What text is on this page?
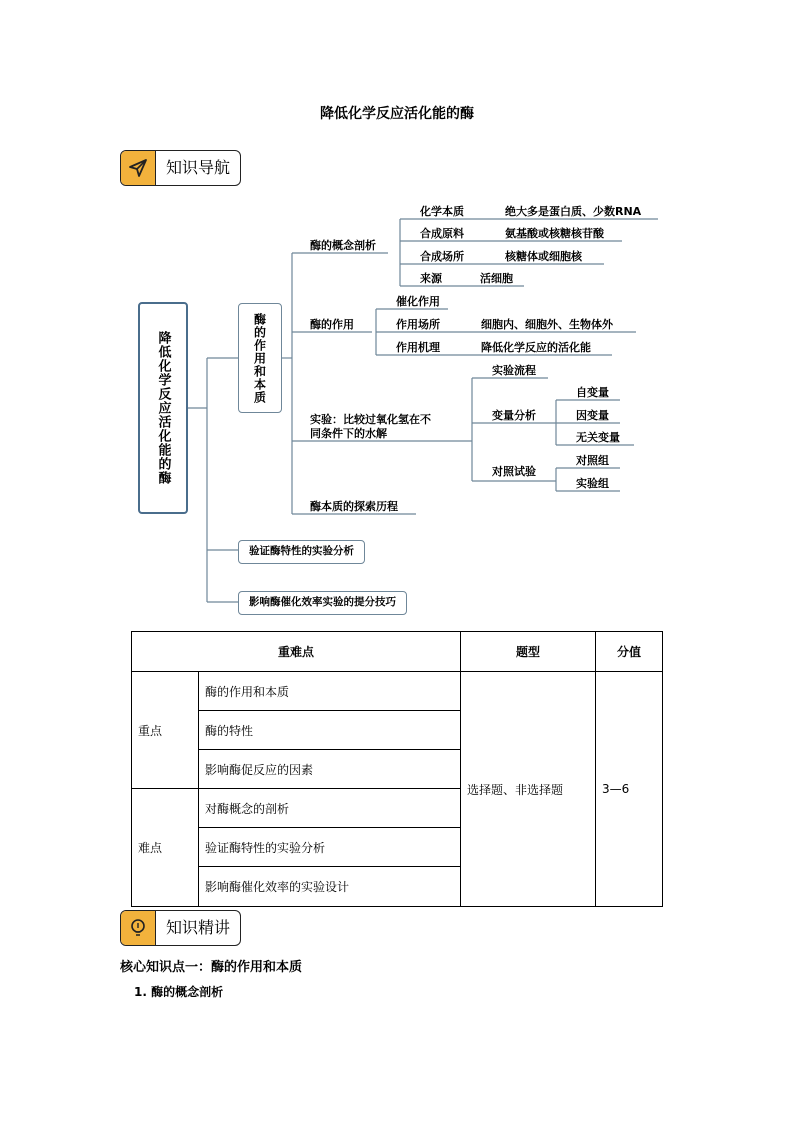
降低化学反应活化能的酶
知识导航
降低化学反应活化能的酶	酶的作用和本质
酶的概念剖析
化学本质	绝大多是蛋白质、少数RNA
合成原料	氨基酸或核糖核苷酸
合成场所	核糖体或细胞核
来源	活细胞
酶的作用
催化作用
作用场所	细胞内、细胞外、生物体外
作用机理	降低化学反应的活化能
实验：比较过氧化氢在不
同条件下的水解
实验流程
变量分析
自变量
因变量
无关变量
对照试验
对照组
实验组
酶本质的探索历程
验证酶特性的实验分析
影响酶催化效率实验的提分技巧
重难点		题型	分值
重点	酶的作用和本质	选择题、非选择题	3—6
	酶的特性		
	影响酶促反应的因素		
难点	对酶概念的剖析		
	验证酶特性的实验分析		
	影响酶催化效率的实验设计		
知识精讲
核心知识点一：酶的作用和本质
1. 酶的概念剖析
